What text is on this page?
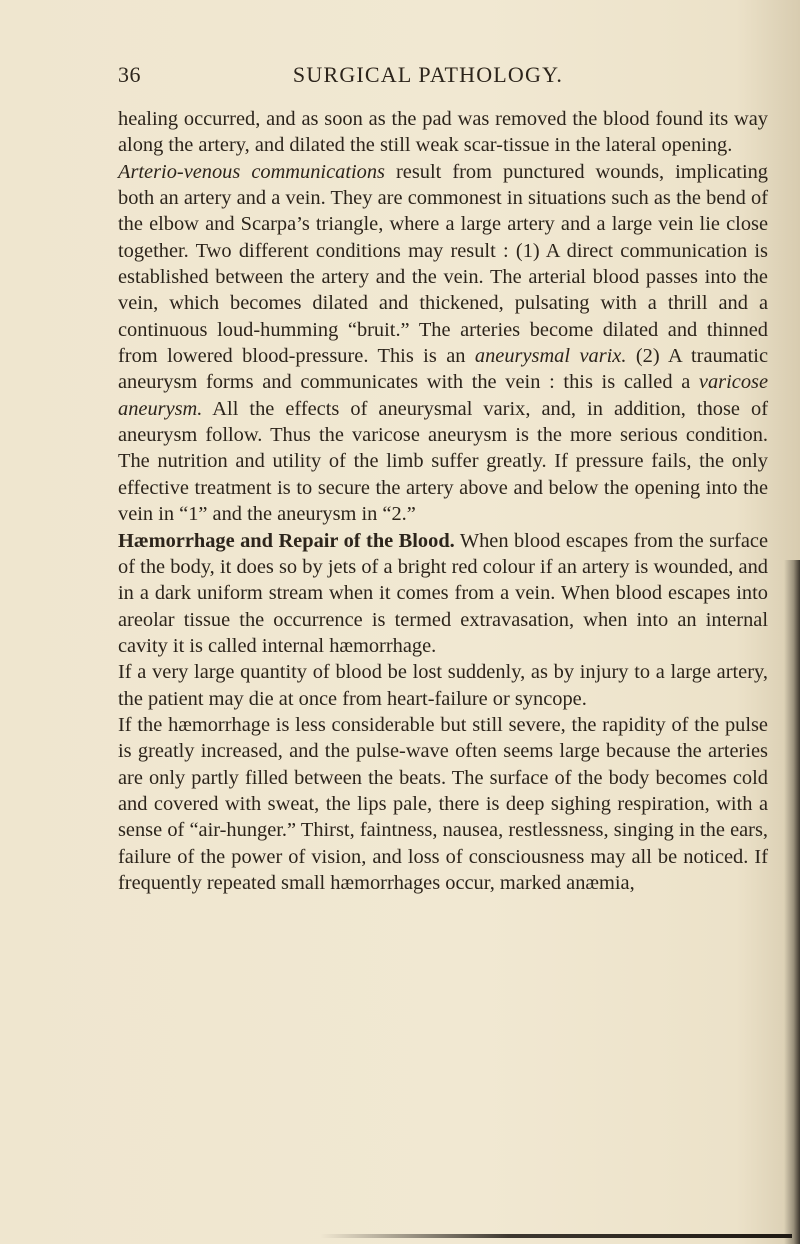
36	SURGICAL PATHOLOGY.

healing occurred, and as soon as the pad was removed the blood found its way along the artery, and dilated the still weak scar-tissue in the lateral opening.

Arterio-venous communications result from punctured wounds, implicating both an artery and a vein. They are commonest in situations such as the bend of the elbow and Scarpa’s triangle, where a large artery and a large vein lie close together. Two different conditions may result : (1) A direct communication is established between the artery and the vein. The arterial blood passes into the vein, which becomes dilated and thickened, pulsating with a thrill and a continuous loud-humming “bruit.” The arteries become dilated and thinned from lowered blood-pressure. This is an aneurysmal varix. (2) A traumatic aneurysm forms and communicates with the vein : this is called a varicose aneurysm. All the effects of aneurysmal varix, and, in addition, those of aneurysm follow. Thus the varicose aneurysm is the more serious condition. The nutrition and utility of the limb suffer greatly. If pressure fails, the only effective treatment is to secure the artery above and below the opening into the vein in “1” and the aneurysm in “2.”

Hæmorrhage and Repair of the Blood. When blood escapes from the surface of the body, it does so by jets of a bright red colour if an artery is wounded, and in a dark uniform stream when it comes from a vein. When blood escapes into areolar tissue the occurrence is termed extravasation, when into an internal cavity it is called internal hæmorrhage.

If a very large quantity of blood be lost suddenly, as by injury to a large artery, the patient may die at once from heart-failure or syncope.

If the hæmorrhage is less considerable but still severe, the rapidity of the pulse is greatly increased, and the pulse-wave often seems large because the arteries are only partly filled between the beats. The surface of the body becomes cold and covered with sweat, the lips pale, there is deep sighing respiration, with a sense of “air-hunger.” Thirst, faintness, nausea, restlessness, singing in the ears, failure of the power of vision, and loss of consciousness may all be noticed. If frequently repeated small hæmorrhages occur, marked anæmia,
